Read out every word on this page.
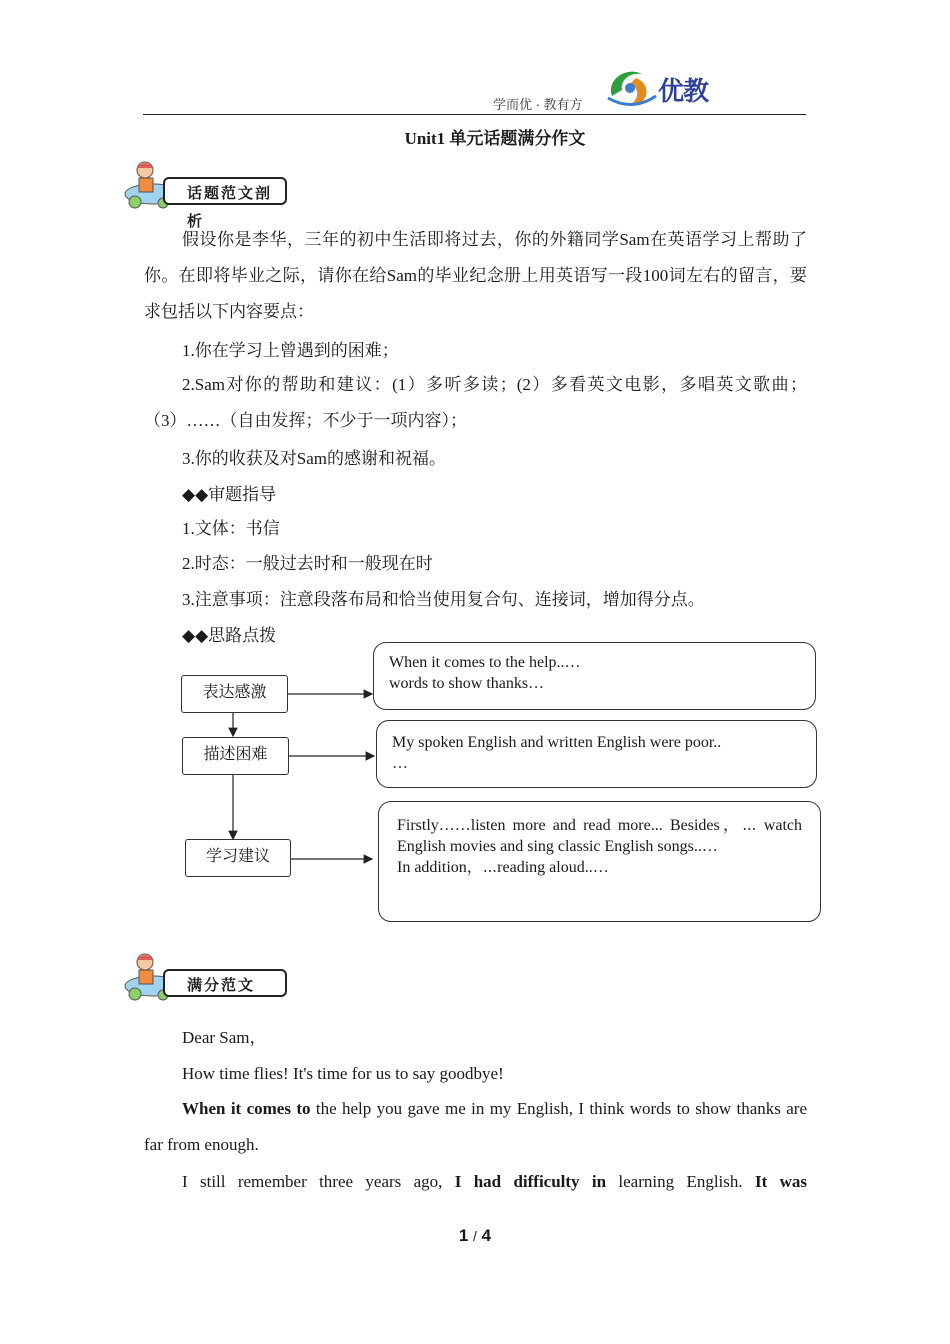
学而优 · 教有方	优教
Unit1 单元话题满分作文
话题范文剖析
假设你是李华，三年的初中生活即将过去，你的外籍同学Sam在英语学习上帮助了你。在即将毕业之际，请你在给Sam的毕业纪念册上用英语写一段100词左右的留言，要求包括以下内容要点：
1.你在学习上曾遇到的困难；
2.Sam对你的帮助和建议：(1）多听多读；(2）多看英文电影，多唱英文歌曲；（3）……（自由发挥；不少于一项内容）；
3.你的收获及对Sam的感谢和祝福。
◆◆审题指导
1.文体：书信
2.时态：一般过去时和一般现在时
3.注意事项：注意段落布局和恰当使用复合句、连接词，增加得分点。
◆◆思路点拨
表达感激
描述困难
学习建议
When it comes to the help..…
words to show thanks…
My spoken English and written English were poor..
…
Firstly……listen more and read more... Besides，⋯ watch English movies and sing classic English songs..…
In addition，⋯reading aloud..…
满分范文
Dear Sam，
How time flies! It's time for us to say goodbye!
When it comes to the help you gave me in my English, I think words to show thanks are far from enough.
I still remember three years ago, I had difficulty in learning English. It was
1 / 4
